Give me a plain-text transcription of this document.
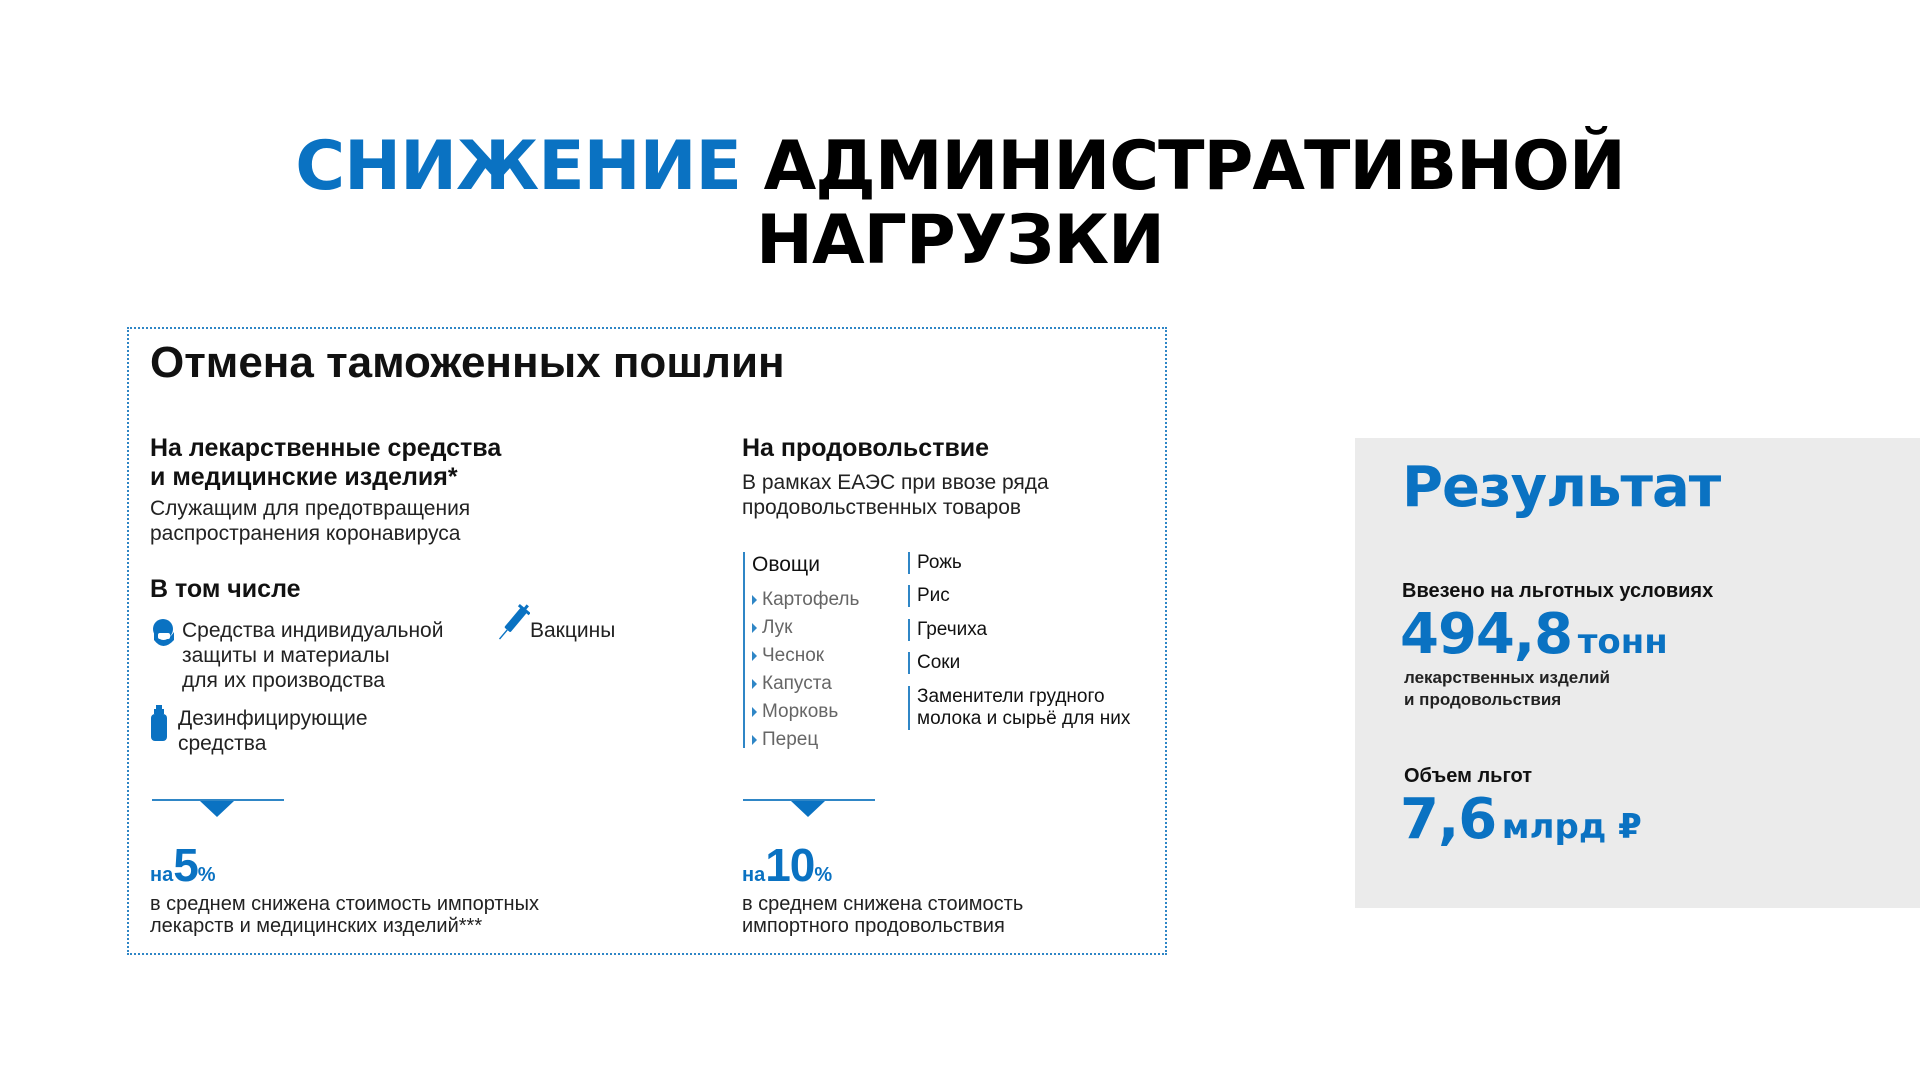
СНИЖЕНИЕ АДМИНИСТРАТИВНОЙ
НАГРУЗКИ
Отмена таможенных пошлин
На лекарственные средства
и медицинские изделия*
Служащим для предотвращения
распространения коронавируса
В том числе
Средства индивидуальной
защиты и материалы
для их производства
Вакцины
Дезинфицирующие
средства
на5%
в среднем снижена стоимость импортных
лекарств и медицинских изделий***
На продовольствие
В рамках ЕАЭС при ввозе ряда
продовольственных товаров
Овощи
Картофель
Лук
Чеснок
Капуста
Морковь
Перец
Рожь
Рис
Гречиха
Соки
Заменители грудного
молока и сырьё для них
на10%
в среднем снижена стоимость
импортного продовольствия
Результат
Ввезено на льготных условиях
494,8 тонн
лекарственных изделий
и продовольствия
Объем льгот
7,6 млрд ₽
